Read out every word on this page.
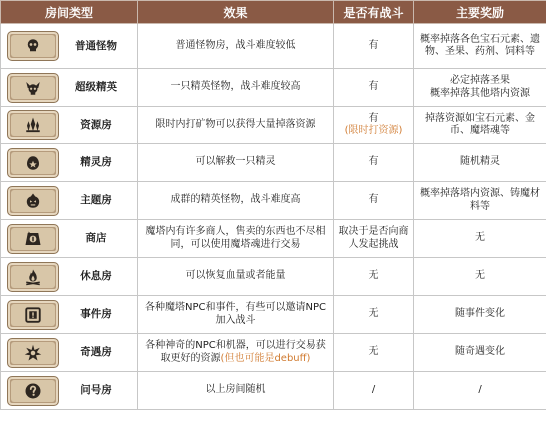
房间类型	效果	是否有战斗	主要奖励

普通怪物	普通怪物房，战斗难度较低	有	概率掉落各色宝石元素、遗物、圣果、药剂、饲料等

超级精英	一只精英怪物，战斗难度较高	有	必定掉落圣果
概率掉落其他塔内资源

资源房	限时内打矿物可以获得大量掉落资源	有
(限时打资源)	掉落资源如宝石元素、金币、魔塔魂等

精灵房	可以解救一只精灵	有	随机精灵

主题房	成群的精英怪物，战斗难度高	有	概率掉落塔内资源、铸魔材料等

商店	魔塔内有许多商人，售卖的东西也不尽相同，可以使用魔塔魂进行交易	取决于是否向商人发起挑战	无

休息房	可以恢复血量或者能量	无	无

事件房	各种魔塔NPC和事件，有些可以邀请NPC加入战斗	无	随事件变化

奇遇房	各种神奇的NPC和机器，可以进行交易获取更好的资源(但也可能是debuff)	无	随奇遇变化

问号房	以上房间随机	/	/
